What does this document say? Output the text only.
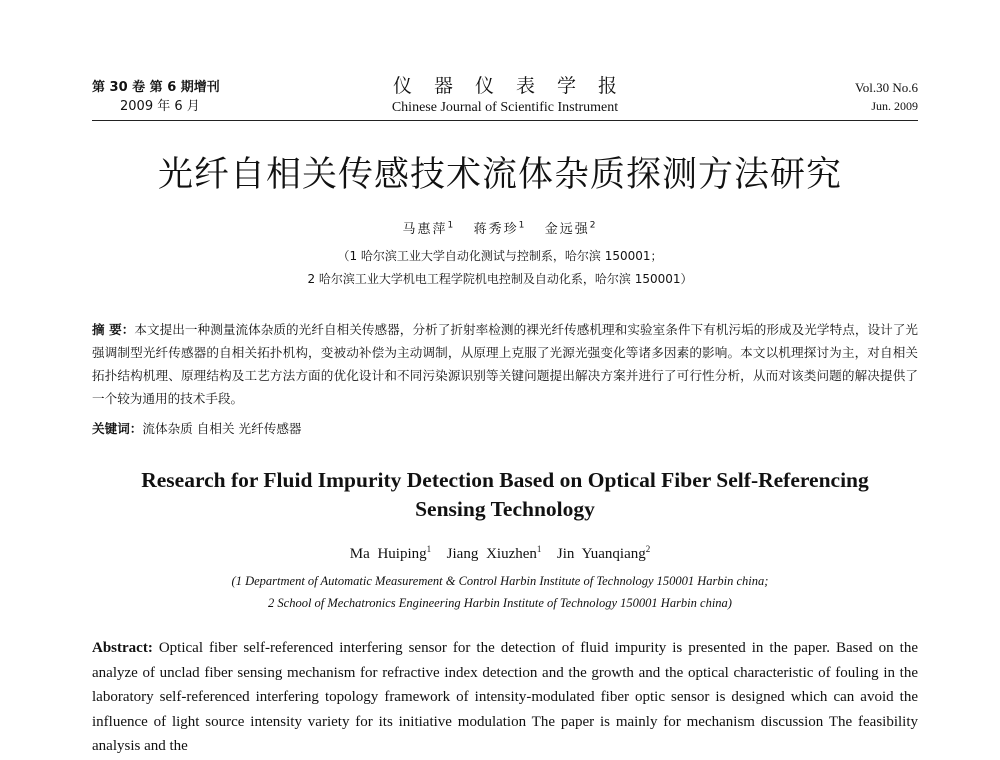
第 30 卷 第 6 期增刊
2009 年 6 月
仪器仪表学报
Chinese Journal of Scientific Instrument
Vol.30 No.6
Jun. 2009
光纤自相关传感技术流体杂质探测方法研究
马惠萍$^1$ 蒋秀珍$^1$ 金远强$^2$
（1 哈尔滨工业大学自动化测试与控制系，哈尔滨 150001；
2 哈尔滨工业大学机电工程学院机电控制及自动化系，哈尔滨 150001）
摘 要：本文提出一种测量流体杂质的光纤自相关传感器，分析了折射率检测的裸光纤传感机理和实验室条件下有机污垢的形成及光学特点，设计了光强调制型光纤传感器的自相关拓扑机构，变被动补偿为主动调制，从原理上克服了光源光强变化等诸多因素的影响。本文以机理探讨为主，对自相关拓扑结构机理、原理结构及工艺方法方面的优化设计和不同污染源识别等关键问题提出解决方案并进行了可行性分析，从而对该类问题的解决提供了一个较为通用的技术手段。
关键词：流体杂质 自相关 光纤传感器
Research for Fluid Impurity Detection Based on Optical Fiber Self-Referencing
Sensing Technology
Ma Huiping$^1$ Jiang Xiuzhen$^1$ Jin Yuanqiang$^2$
(1 Department of Automatic Measurement & Control Harbin Institute of Technology 150001 Harbin china;
2 School of Mechatronics Engineering Harbin Institute of Technology 150001 Harbin china)
Abstract: Optical fiber self-referenced interfering sensor for the detection of fluid impurity is presented in the paper. Based on the analyze of unclad fiber sensing mechanism for refractive index detection and the growth and the optical characteristic of fouling in the laboratory self-referenced interfering topology framework of intensity-modulated fiber optic sensor is designed which can avoid the influence of light source intensity variety for its initiative modulation The paper is mainly for mechanism discussion The feasibility analysis and the
